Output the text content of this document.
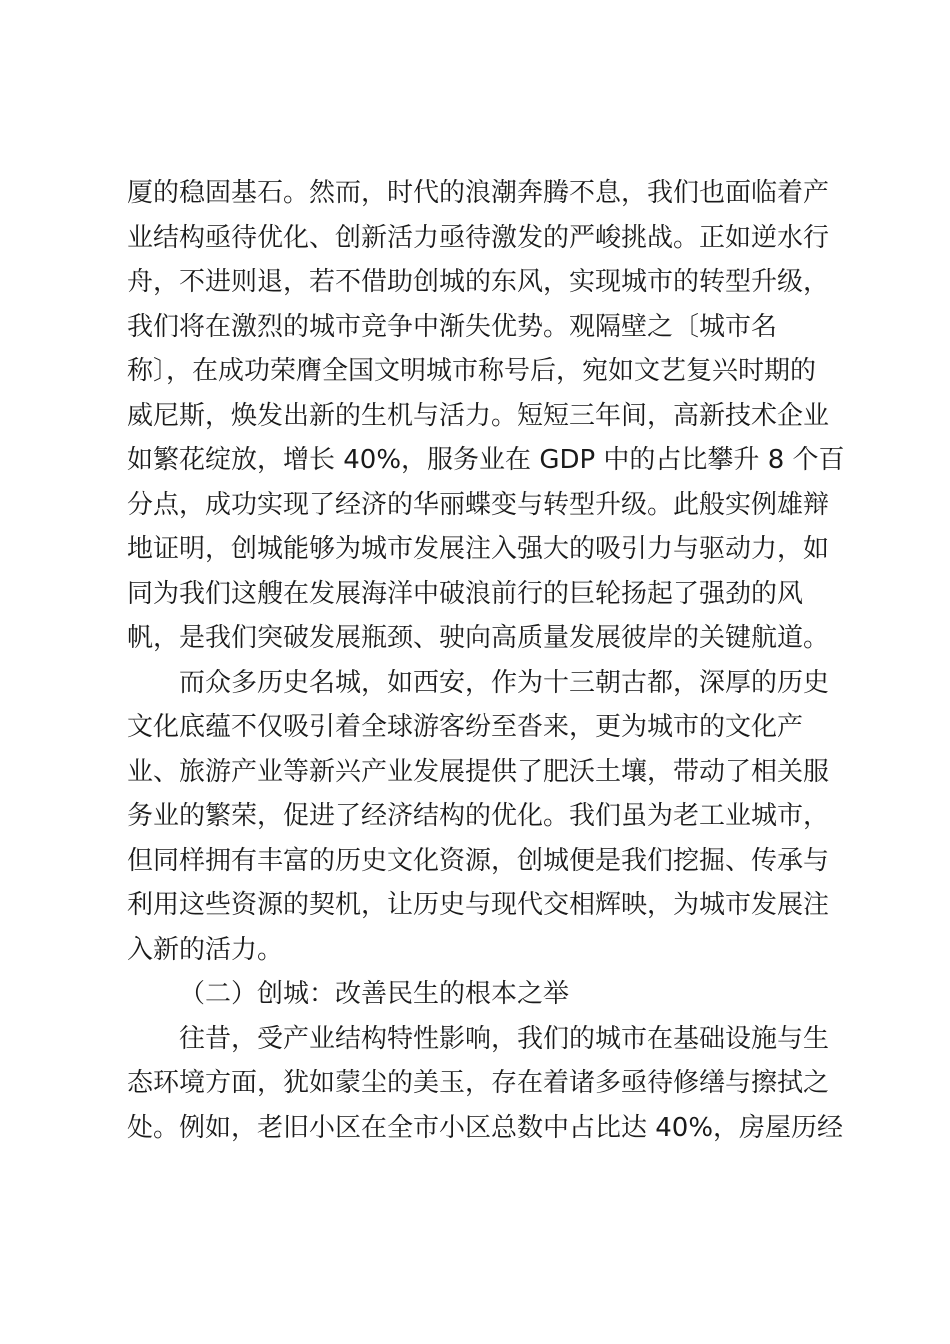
厦的稳固基石。然而，时代的浪潮奔腾不息，我们也面临着产
业结构亟待优化、创新活力亟待激发的严峻挑战。正如逆水行
舟，不进则退，若不借助创城的东风，实现城市的转型升级，
我们将在激烈的城市竞争中渐失优势。观隔壁之〔城市名
称〕，在成功荣膺全国文明城市称号后，宛如文艺复兴时期的
威尼斯，焕发出新的生机与活力。短短三年间，高新技术企业
如繁花绽放，增长 40%，服务业在 GDP 中的占比攀升 8 个百
分点，成功实现了经济的华丽蝶变与转型升级。此般实例雄辩
地证明，创城能够为城市发展注入强大的吸引力与驱动力，如
同为我们这艘在发展海洋中破浪前行的巨轮扬起了强劲的风
帆，是我们突破发展瓶颈、驶向高质量发展彼岸的关键航道。
而众多历史名城，如西安，作为十三朝古都，深厚的历史
文化底蕴不仅吸引着全球游客纷至沓来，更为城市的文化产
业、旅游产业等新兴产业发展提供了肥沃土壤，带动了相关服
务业的繁荣，促进了经济结构的优化。我们虽为老工业城市，
但同样拥有丰富的历史文化资源，创城便是我们挖掘、传承与
利用这些资源的契机，让历史与现代交相辉映，为城市发展注
入新的活力。
（二）创城：改善民生的根本之举
往昔，受产业结构特性影响，我们的城市在基础设施与生
态环境方面，犹如蒙尘的美玉，存在着诸多亟待修缮与擦拭之
处。例如，老旧小区在全市小区总数中占比达 40%，房屋历经
